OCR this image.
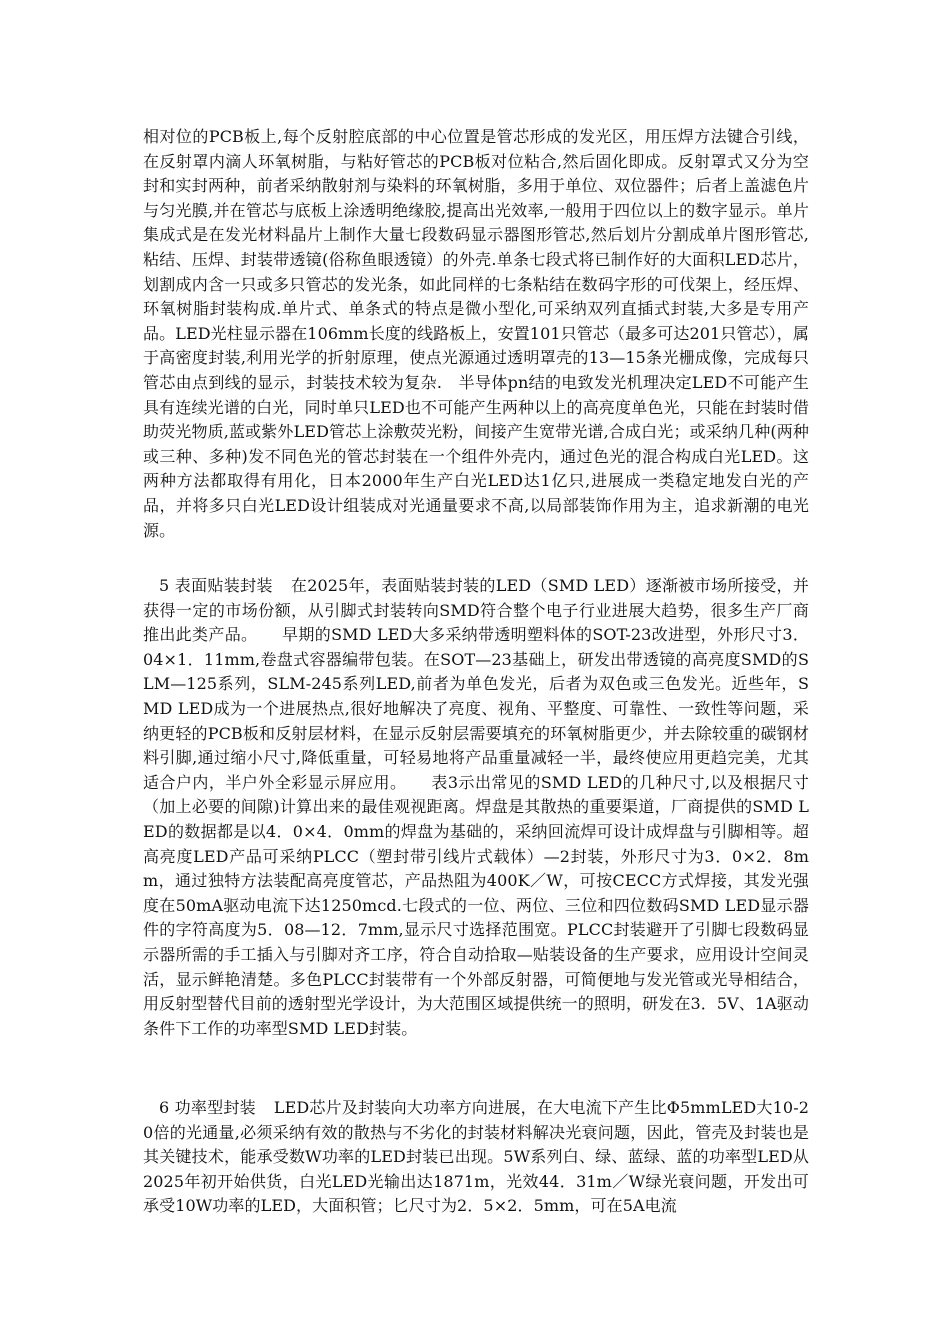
相对位的PCB板上,每个反射腔底部的中心位置是管芯形成的发光区，用压焊方法键合引线，在反射罩内滴人环氧树脂，与粘好管芯的PCB板对位粘合,然后固化即成。反射罩式又分为空封和实封两种，前者采纳散射剂与染料的环氧树脂，多用于单位、双位器件；后者上盖滤色片与匀光膜,并在管芯与底板上涂透明绝缘胶,提高出光效率,一般用于四位以上的数字显示。单片集成式是在发光材料晶片上制作大量七段数码显示器图形管芯,然后划片分割成单片图形管芯,粘结、压焊、封装带透镜(俗称鱼眼透镜）的外壳.单条七段式将已制作好的大面积LED芯片，划割成内含一只或多只管芯的发光条，如此同样的七条粘结在数码字形的可伐架上，经压焊、环氧树脂封装构成.单片式、单条式的特点是微小型化,可采纳双列直插式封装,大多是专用产品。LED光柱显示器在106mm长度的线路板上，安置101只管芯（最多可达201只管芯），属于高密度封装,利用光学的折射原理，使点光源通过透明罩壳的13—15条光栅成像，完成每只管芯由点到线的显示，封装技术较为复杂.　半导体pn结的电致发光机理决定LED不可能产生具有连续光谱的白光，同时单只LED也不可能产生两种以上的高亮度单色光，只能在封装时借助荧光物质,蓝或紫外LED管芯上涂敷荧光粉，间接产生宽带光谱,合成白光；或采纳几种(两种或三种、多种)发不同色光的管芯封装在一个组件外壳内，通过色光的混合构成白光LED。这两种方法都取得有用化，日本2000年生产白光LED达1亿只,进展成一类稳定地发白光的产品，并将多只白光LED设计组装成对光通量要求不高,以局部装饰作用为主，追求新潮的电光源。
5 表面贴装封装 在2025年，表面贴装封装的LED（SMD LED）逐渐被市场所接受，并获得一定的市场份额，从引脚式封装转向SMD符合整个电子行业进展大趋势，很多生产厂商推出此类产品。　　早期的SMD LED大多采纳带透明塑料体的SOT-23改进型，外形尺寸3．04×1．11mm,卷盘式容器编带包装。在SOT—23基础上，研发出带透镜的高亮度SMD的SLM—125系列，SLM-245系列LED,前者为单色发光，后者为双色或三色发光。近些年，SMD LED成为一个进展热点,很好地解决了亮度、视角、平整度、可靠性、一致性等问题，采纳更轻的PCB板和反射层材料，在显示反射层需要填充的环氧树脂更少，并去除较重的碳钢材料引脚,通过缩小尺寸,降低重量，可轻易地将产品重量减轻一半，最终使应用更趋完美，尤其适合户内，半户外全彩显示屏应用。　　表3示出常见的SMD LED的几种尺寸,以及根据尺寸（加上必要的间隙)计算出来的最佳观视距离。焊盘是其散热的重要渠道，厂商提供的SMD LED的数据都是以4．0×4．0mm的焊盘为基础的，采纳回流焊可设计成焊盘与引脚相等。超高亮度LED产品可采纳PLCC（塑封带引线片式载体）—2封装，外形尺寸为3．0×2．8mm，通过独特方法装配高亮度管芯，产品热阻为400K／W，可按CECC方式焊接，其发光强度在50mA驱动电流下达1250mcd.七段式的一位、两位、三位和四位数码SMD LED显示器件的字符高度为5．08—12．7mm,显示尺寸选择范围宽。PLCC封装避开了引脚七段数码显示器所需的手工插入与引脚对齐工序，符合自动拾取—贴装设备的生产要求，应用设计空间灵活，显示鲜艳清楚。多色PLCC封装带有一个外部反射器，可简便地与发光管或光导相结合，用反射型替代目前的透射型光学设计，为大范围区域提供统一的照明，研发在3．5V、1A驱动条件下工作的功率型SMD LED封装。
6 功率型封装 LED芯片及封装向大功率方向进展，在大电流下产生比Φ5mmLED大10-20倍的光通量,必须采纳有效的散热与不劣化的封装材料解决光衰问题，因此，管壳及封装也是其关键技术，能承受数W功率的LED封装已出现。5W系列白、绿、蓝绿、蓝的功率型LED从2025年初开始供货，白光LED光输出达1871m，光效44．31m／W绿光衰问题，开发出可承受10W功率的LED，大面积管；匕尺寸为2．5×2．5mm，可在5A电流
